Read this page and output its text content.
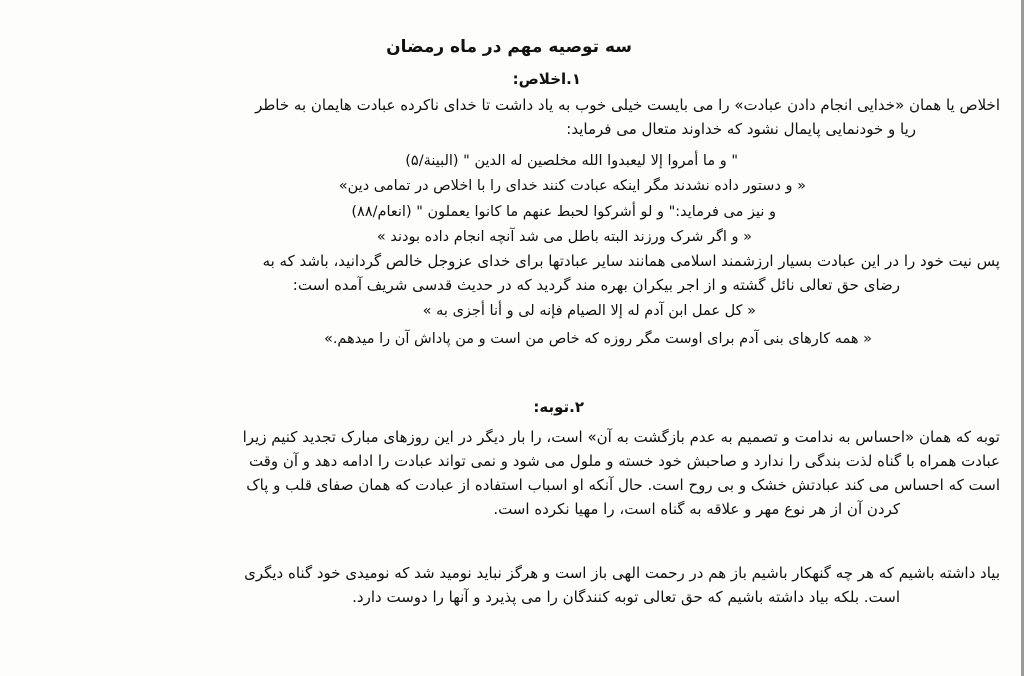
سه توصیه مهم در ماه رمضان
۱.اخلاص:
اخلاص یا همان «خدایی انجام دادن عبادت» را می بایست خیلی خوب به یاد داشت تا خدای ناکرده عبادت هایمان به خاطر
ریا و خودنمایی پایمال نشود که خداوند متعال می فرماید:
" و ما أمروا إلا لیعبدوا الله مخلصین له الدین " (البینة/۵)
« و دستور داده نشدند مگر اینکه عبادت کنند خدای را با اخلاص در تمامی دین»
و نیز می فرماید:" و لو أشرکوا لحبط عنهم ما کانوا یعملون " (انعام/۸۸)
« و اگر شرک ورزند البته باطل می شد آنچه انجام داده بودند »
پس نیت خود را در این عبادت بسیار ارزشمند اسلامی همانند سایر عبادتها برای خدای عزوجل خالص گردانید، باشد که به
رضای حق تعالی نائل گشته و از اجر بیکران بهره مند گردید که در حدیث قدسی شریف آمده است:
« کل عمل ابن آدم له إلا الصیام فإنه لی و أنا أجزی به »
« همه کارهای بنی آدم برای اوست مگر روزه که خاص من است و من پاداش آن را میدهم.»
۲.توبه:
توبه که همان «احساس به ندامت و تصمیم به عدم بازگشت به آن» است، را بار دیگر در این روزهای مبارک تجدید کنیم زیرا
عبادت همراه با گناه لذت بندگی را ندارد و صاحبش خود خسته و ملول می شود و نمی تواند عبادت را ادامه دهد و آن وقت
است که احساس می کند عبادتش خشک و بی روح است. حال آنکه او اسباب استفاده از عبادت که همان صفای قلب و پاک
کردن آن از هر نوع مهر و علاقه به گناه است، را مهیا نکرده است.
بیاد داشته باشیم که هر چه گنهکار باشیم باز هم در رحمت الهی باز است و هرگز نباید نومید شد که نومیدی خود گناه دیگری
است. بلکه بیاد داشته باشیم که حق تعالی توبه کنندگان را می پذیرد و آنها را دوست دارد.
